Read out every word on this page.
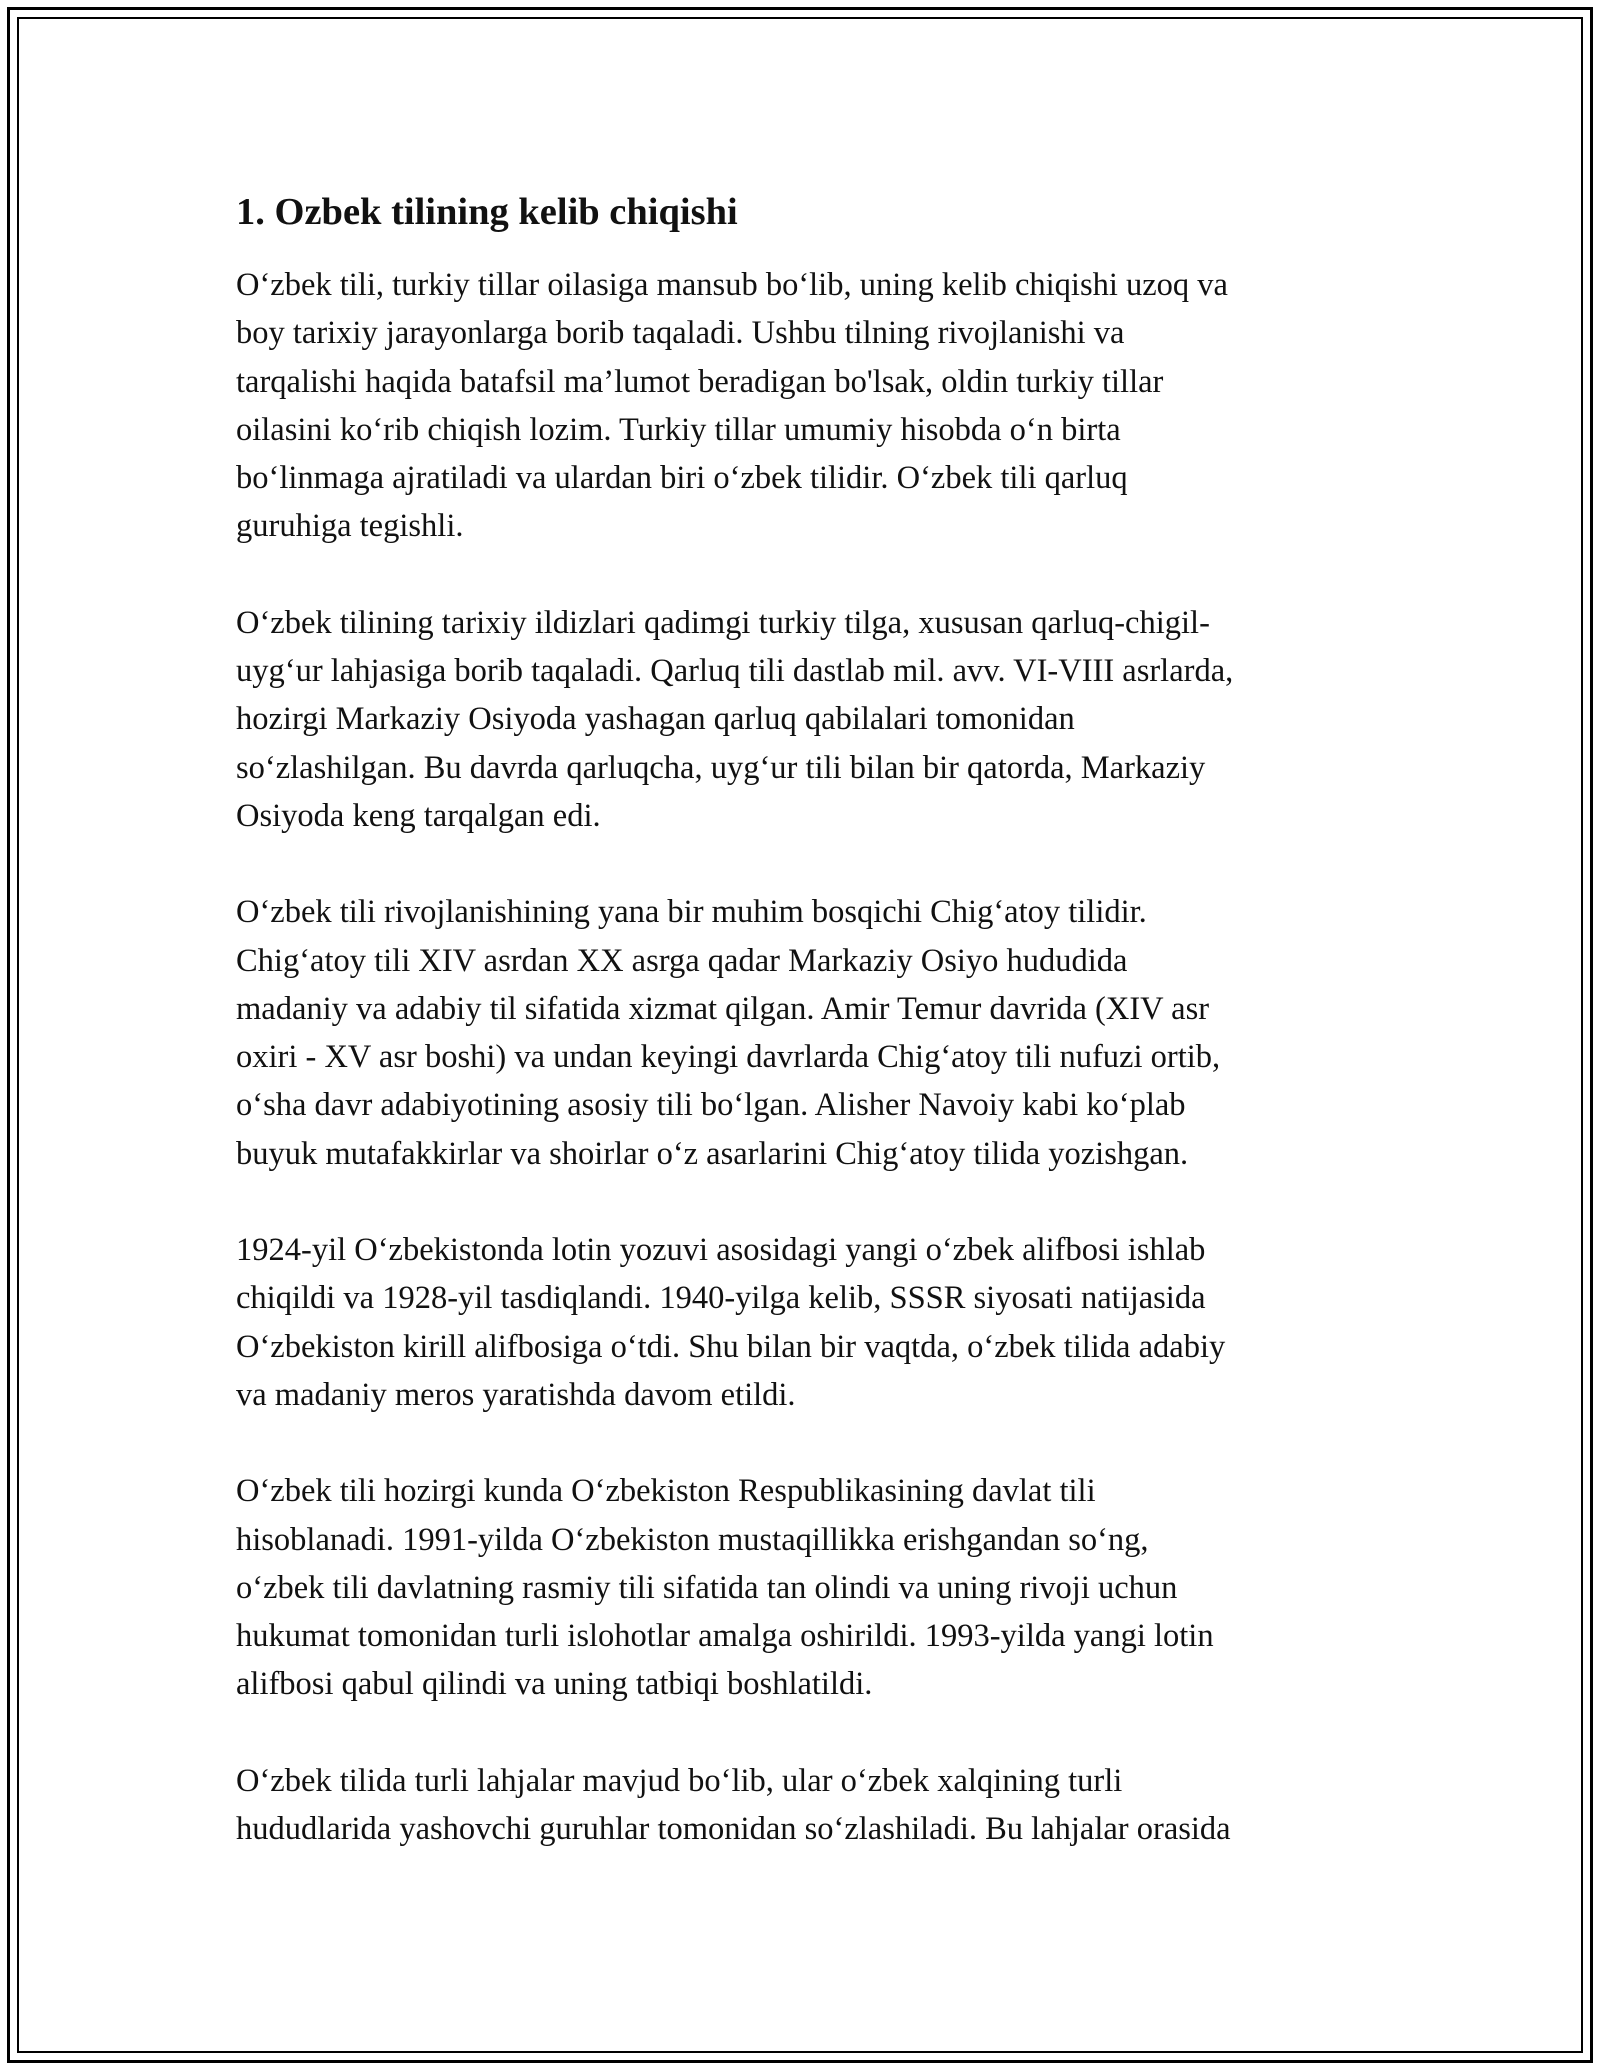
1. Ozbek tilining kelib chiqishi

O‘zbek tili, turkiy tillar oilasiga mansub bo‘lib, uning kelib chiqishi uzoq va
boy tarixiy jarayonlarga borib taqaladi. Ushbu tilning rivojlanishi va
tarqalishi haqida batafsil ma’lumot beradigan bo'lsak, oldin turkiy tillar
oilasini ko‘rib chiqish lozim. Turkiy tillar umumiy hisobda o‘n birta
bo‘linmaga ajratiladi va ulardan biri o‘zbek tilidir. O‘zbek tili qarluq
guruhiga tegishli.

O‘zbek tilining tarixiy ildizlari qadimgi turkiy tilga, xususan qarluq-chigil-
uyg‘ur lahjasiga borib taqaladi. Qarluq tili dastlab mil. avv. VI-VIII asrlarda,
hozirgi Markaziy Osiyoda yashagan qarluq qabilalari tomonidan
so‘zlashilgan. Bu davrda qarluqcha, uyg‘ur tili bilan bir qatorda, Markaziy
Osiyoda keng tarqalgan edi.

O‘zbek tili rivojlanishining yana bir muhim bosqichi Chig‘atoy tilidir.
Chig‘atoy tili XIV asrdan XX asrga qadar Markaziy Osiyo hududida
madaniy va adabiy til sifatida xizmat qilgan. Amir Temur davrida (XIV asr
oxiri - XV asr boshi) va undan keyingi davrlarda Chig‘atoy tili nufuzi ortib,
o‘sha davr adabiyotining asosiy tili bo‘lgan. Alisher Navoiy kabi ko‘plab
buyuk mutafakkirlar va shoirlar o‘z asarlarini Chig‘atoy tilida yozishgan.

1924-yil O‘zbekistonda lotin yozuvi asosidagi yangi o‘zbek alifbosi ishlab
chiqildi va 1928-yil tasdiqlandi. 1940-yilga kelib, SSSR siyosati natijasida
O‘zbekiston kirill alifbosiga o‘tdi. Shu bilan bir vaqtda, o‘zbek tilida adabiy
va madaniy meros yaratishda davom etildi.

O‘zbek tili hozirgi kunda O‘zbekiston Respublikasining davlat tili
hisoblanadi. 1991-yilda O‘zbekiston mustaqillikka erishgandan so‘ng,
o‘zbek tili davlatning rasmiy tili sifatida tan olindi va uning rivoji uchun
hukumat tomonidan turli islohotlar amalga oshirildi. 1993-yilda yangi lotin
alifbosi qabul qilindi va uning tatbiqi boshlatildi.

O‘zbek tilida turli lahjalar mavjud bo‘lib, ular o‘zbek xalqining turli
hududlarida yashovchi guruhlar tomonidan so‘zlashiladi. Bu lahjalar orasida
